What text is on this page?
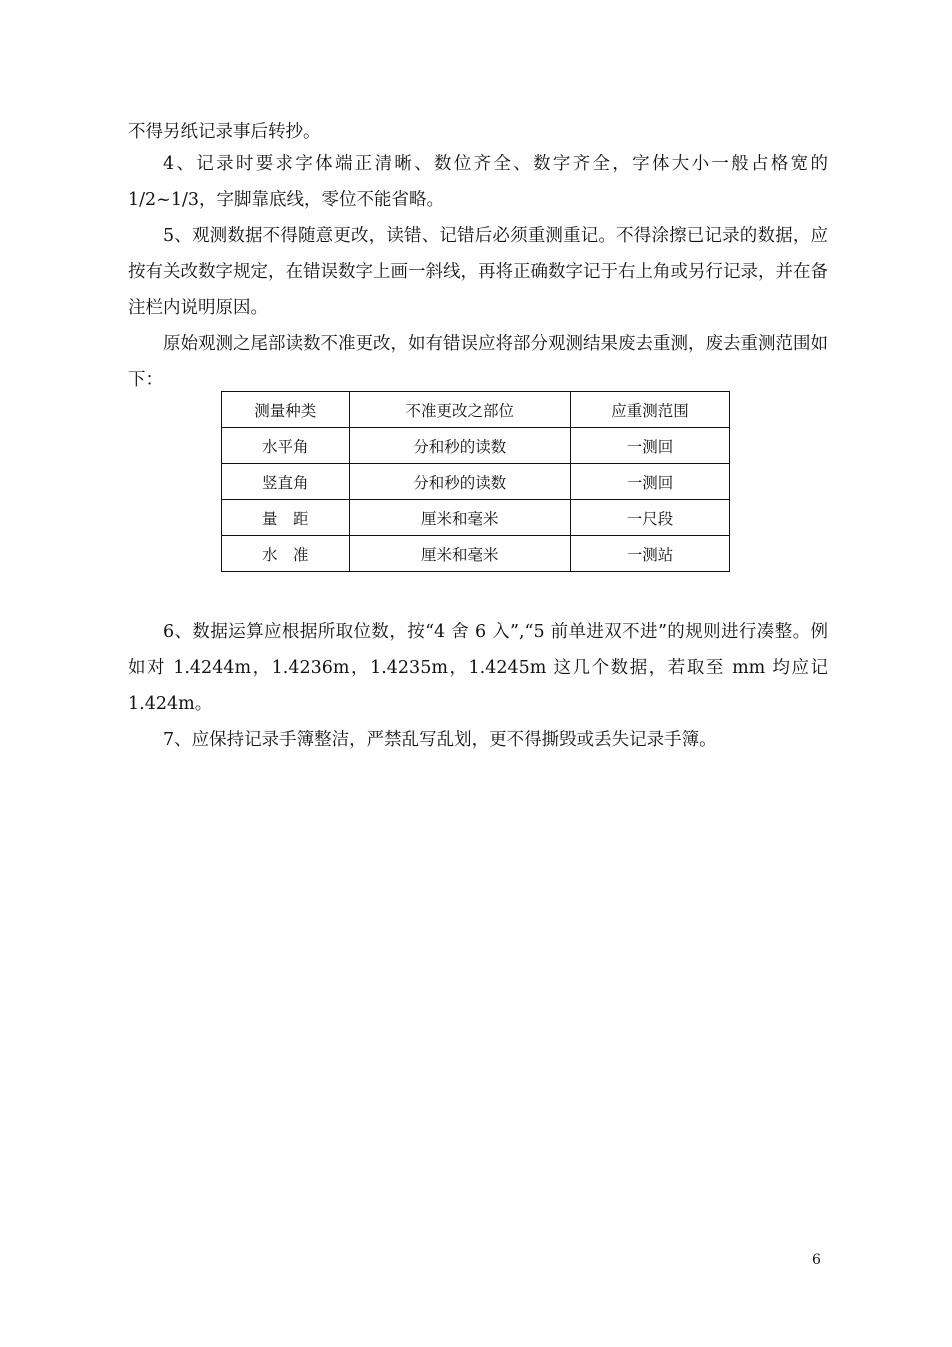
不得另纸记录事后转抄。

4、记录时要求字体端正清晰、数位齐全、数字齐全，字体大小一般占格宽的1/2~1/3，字脚靠底线，零位不能省略。

5、观测数据不得随意更改，读错、记错后必须重测重记。不得涂擦已记录的数据，应按有关改数字规定，在错误数字上画一斜线，再将正确数字记于右上角或另行记录，并在备注栏内说明原因。

原始观测之尾部读数不准更改，如有错误应将部分观测结果废去重测，废去重测范围如下：

测量种类	不准更改之部位	应重测范围
水平角	分和秒的读数	一测回
竖直角	分和秒的读数	一测回
量　距	厘米和毫米	一尺段
水　准	厘米和毫米	一测站

6、数据运算应根据所取位数，按“4 舍 6 入”,“5 前单进双不进”的规则进行凑整。例如对 1.4244m，1.4236m，1.4235m，1.4245m 这几个数据，若取至 mm 均应记 1.424m。

7、应保持记录手簿整洁，严禁乱写乱划，更不得撕毁或丢失记录手簿。

6
